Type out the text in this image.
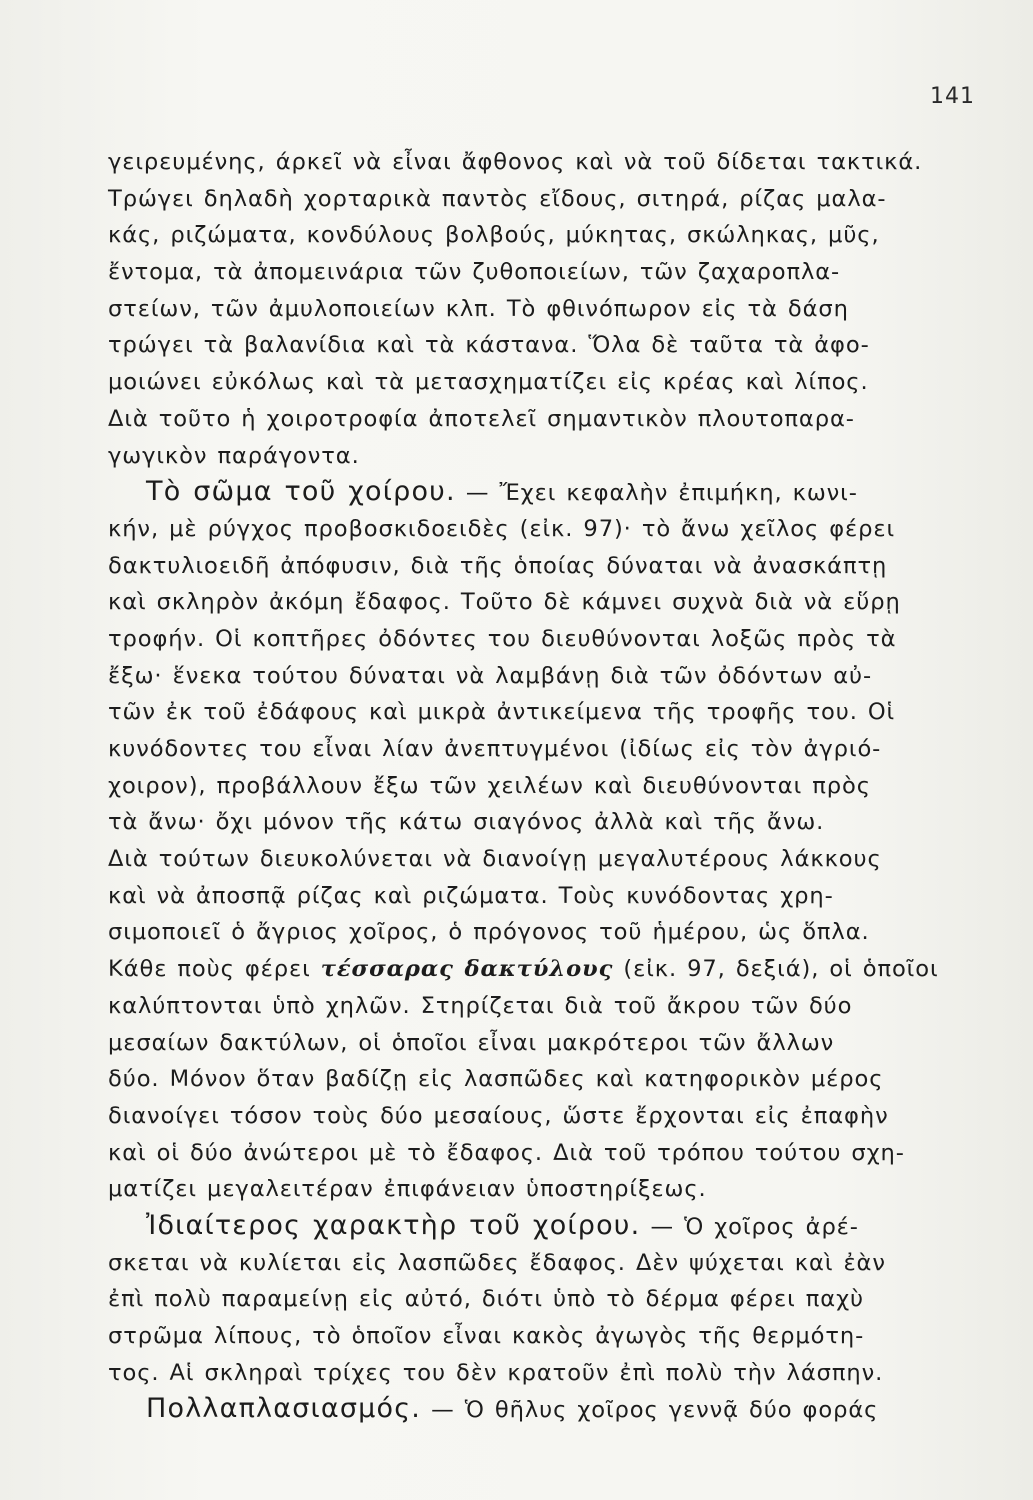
141
γειρευμένης, άρκεῖ νὰ εἶναι ἄφθονος καὶ νὰ τοῦ δίδεται τακτικά.
Τρώγει δηλαδὴ χορταρικὰ παντὸς εἴδους, σιτηρά, ρίζας μαλα-
κάς, ριζώματα, κονδύλους βολβούς, μύκητας, σκώληκας, μῦς,
ἔντομα, τὰ ἀπομεινάρια τῶν ζυθοποιείων, τῶν ζαχαροπλα-
στείων, τῶν ἀμυλοποιείων κλπ. Τὸ φθινόπωρον εἰς τὰ δάση
τρώγει τὰ βαλανίδια καὶ τὰ κάστανα. Ὅλα δὲ ταῦτα τὰ ἀφο-
μοιώνει εὐκόλως καὶ τὰ μετασχηματίζει εἰς κρέας καὶ λίπος.
Διὰ τοῦτο ἡ χοιροτροφία ἀποτελεῖ σημαντικὸν πλουτοπαρα-
γωγικὸν παράγοντα.
Τὸ σῶμα τοῦ χοίρου. — Ἔχει κεφαλὴν ἐπιμήκη, κωνι-
κήν, μὲ ρύγχος προβοσκιδοειδὲς (εἰκ. 97)· τὸ ἄνω χεῖλος φέρει
δακτυλιοειδῆ ἀπόφυσιν, διὰ τῆς ὁποίας δύναται νὰ ἀνασκάπτῃ
καὶ σκληρὸν ἀκόμη ἔδαφος. Τοῦτο δὲ κάμνει συχνὰ διὰ νὰ εὕρῃ
τροφήν. Οἱ κοπτῆρες ὀδόντες του διευθύνονται λοξῶς πρὸς τὰ
ἔξω· ἕνεκα τούτου δύναται νὰ λαμβάνῃ διὰ τῶν ὀδόντων αὐ-
τῶν ἐκ τοῦ ἐδάφους καὶ μικρὰ ἀντικείμενα τῆς τροφῆς του. Οἱ
κυνόδοντες του εἶναι λίαν ἀνεπτυγμένοι (ἰδίως εἰς τὸν ἀγριό-
χοιρον), προβάλλουν ἔξω τῶν χειλέων καὶ διευθύνονται πρὸς
τὰ ἄνω· ὄχι μόνον τῆς κάτω σιαγόνος ἀλλὰ καὶ τῆς ἄνω.
Διὰ τούτων διευκολύνεται νὰ διανοίγῃ μεγαλυτέρους λάκκους
καὶ νὰ ἀποσπᾷ ρίζας καὶ ριζώματα. Τοὺς κυνόδοντας χρη-
σιμοποιεῖ ὁ ἄγριος χοῖρος, ὁ πρόγονος τοῦ ἡμέρου, ὡς ὅπλα.
Κάθε ποὺς φέρει τέσσαρας δακτύλους (εἰκ. 97, δεξιά), οἱ ὁποῖοι
καλύπτονται ὑπὸ χηλῶν. Στηρίζεται διὰ τοῦ ἄκρου τῶν δύο
μεσαίων δακτύλων, οἱ ὁποῖοι εἶναι μακρότεροι τῶν ἄλλων
δύο. Μόνον ὅταν βαδίζῃ εἰς λασπῶδες καὶ κατηφορικὸν μέρος
διανοίγει τόσον τοὺς δύο μεσαίους, ὥστε ἔρχονται εἰς ἐπαφὴν
καὶ οἱ δύο ἀνώτεροι μὲ τὸ ἔδαφος. Διὰ τοῦ τρόπου τούτου σχη-
ματίζει μεγαλειτέραν ἐπιφάνειαν ὑποστηρίξεως.
Ἰδιαίτερος χαρακτὴρ τοῦ χοίρου. — Ὁ χοῖρος ἀρέ-
σκεται νὰ κυλίεται εἰς λασπῶδες ἔδαφος. Δὲν ψύχεται καὶ ἐὰν
ἐπὶ πολὺ παραμείνῃ εἰς αὐτό, διότι ὑπὸ τὸ δέρμα φέρει παχὺ
στρῶμα λίπους, τὸ ὁποῖον εἶναι κακὸς ἀγωγὸς τῆς θερμότη-
τος. Αἱ σκληραὶ τρίχες του δὲν κρατοῦν ἐπὶ πολὺ τὴν λάσπην.
Πολλαπλασιασμός. — Ὁ θῆλυς χοῖρος γεννᾷ δύο φοράς
